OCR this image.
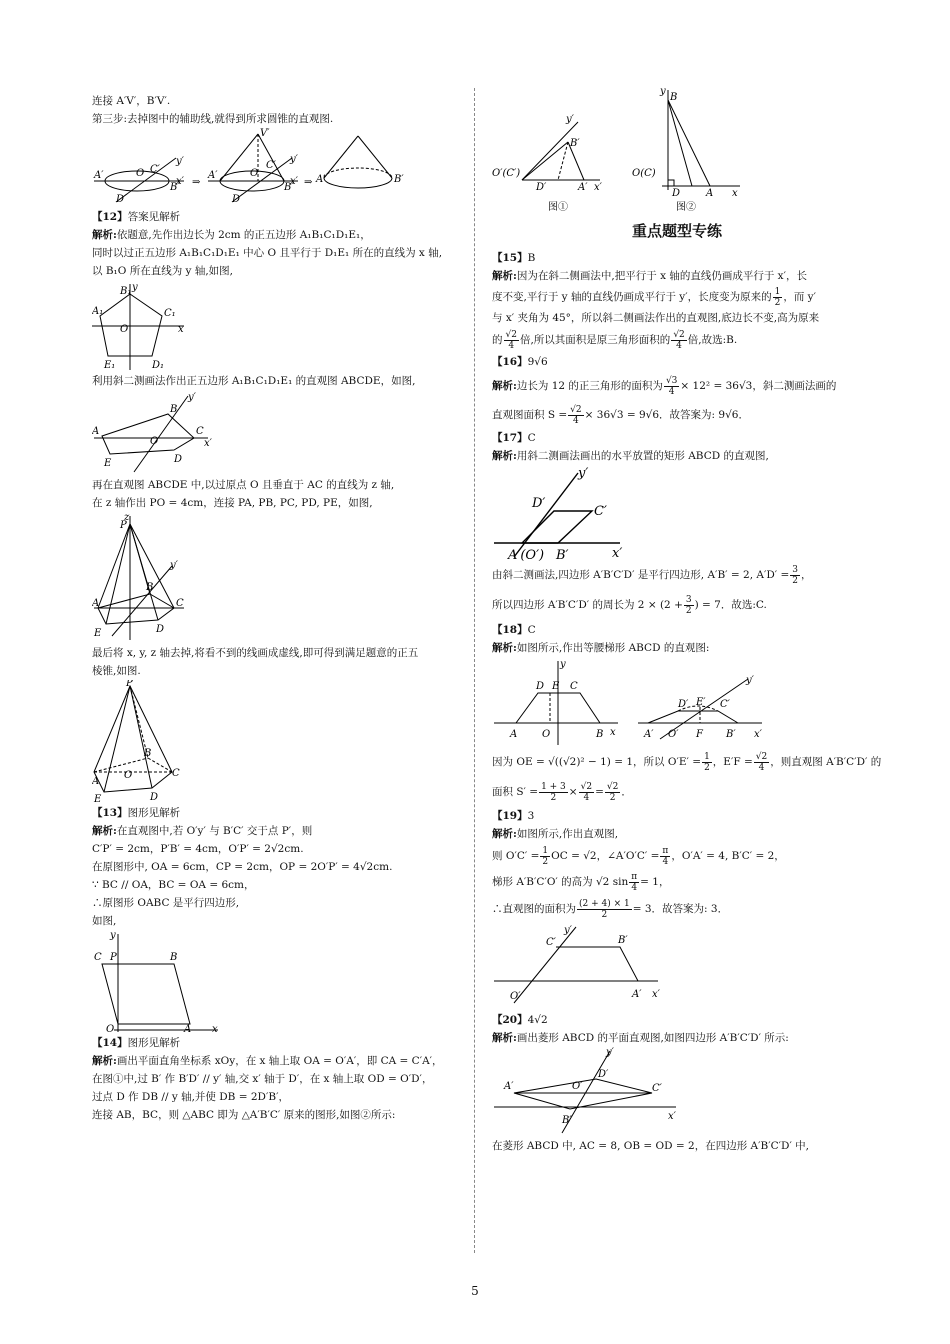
连接 A′V′，B′V′.

第三步:去掉图中的辅助线,就得到所求圆锥的直观图.

A′
D′
O
B′
C′
x′
y′
⇒
V′
A′
D′
O
B′
C′
x′
y′
⇒ A′	B′

【12】答案见解析

解析:依题意,先作出边长为 2cm 的正五边形 A₁B₁C₁D₁E₁，

同时以过正五边形 A₁B₁C₁D₁E₁ 中心 O 且平行于 D₁E₁ 所在的直线为 x 轴,

以 B₁O 所在直线为 y 轴,如图,

y
B₁
A₁	C₁
O	x
E₁	D₁

利用斜二测画法作出正五边形 A₁B₁C₁D₁E₁ 的直观图 ABCDE，如图,

y′
B
A	C
O	x′
E	D

再在直观图 ABCDE 中,以过原点 O 且垂直于 AC 的直线为 z 轴,

在 z 轴作出 PO = 4cm，连接 PA, PB, PC, PD, PE，如图,

z
P
y′
B
A	C
E	D

最后将 x, y, z 轴去掉,将看不到的线画成虚线,即可得到满足题意的正五

棱锥,如图.

P
B
A
C
O
E	D

【13】图形见解析

解析:在直观图中,若 O′y′ 与 B′C′ 交于点 P′，则

C′P′ = 2cm，P′B′ = 4cm，O′P′ = 2√2cm.

在原图形中, OA = 6cm，CP = 2cm，OP = 2O′P′ = 4√2cm.

∵ BC // OA，BC = OA = 6cm，

∴原图形 OABC 是平行四边形,

如图,

y
C P	B
O	A x

【14】图形见解析

解析:画出平面直角坐标系 xOy，在 x 轴上取 OA = O′A′，即 CA = C′A′，

在图①中,过 B′ 作 B′D′ // y′ 轴,交 x′ 轴于 D′，在 x 轴上取 OD = O′D′，

过点 D 作 DB // y 轴,并使 DB = 2D′B′，

连接 AB，BC，则 △ABC 即为 △A′B′C′ 原来的图形,如图②所示:

y′
B′
O′(C′)
D′	A′ x′
图①
y
B
O(C)
D	A x
图②
重点题型专练

【15】B

解析:因为在斜二侧画法中,把平行于 x 轴的直线仍画成平行于 x′，长

度不变,平行于 y 轴的直线仍画成平行于 y′，长度变为原来的 $\frac{1}{2}$ ，而 y′

与 x′ 夹角为 45°，所以斜二侧画法作出的直观图,底边长不变,高为原来

的 $\frac{√2}{4}$ 倍,所以其面积是原三角形面积的 $\frac{√2}{4}$ 倍,故选:B.

【16】9√6

解析:边长为 12 的正三角形的面积为 $\frac{√3}{4} \times 12^2 = 36√3$，斜二测画法画的

直观图面积 $S = \frac{√2}{4} \times 36√3 = 9√6$．故答案为: 9√6．

【17】C

解析:用斜二测画法画出的水平放置的矩形 ABCD 的直观图,

y′
D′
C′
A′(O′) B′	x′

由斜二测画法,四边形 A′B′C′D′ 是平行四边形, A′B′ = 2, $A'D' = \frac{3}{2}$ ，

所以四边形 A′B′C′D′ 的周长为 $2 \times (2 + \frac{3}{2}$ ) = 7．故选:C.

【18】C

解析:如图所示,作出等腰梯形 ABCD 的直观图:

y
D E C
A O	B x
y′
D′ E′ C′
A′ O′ F B′ x′

因为 OE = √((√2)² − 1) = 1，所以 $O'E' = \frac{1}{2}$ ，$E'F = \frac{√2}{4}$ ，则直观图 A′B′C′D′ 的

面积 $S' = \frac{1 + 3}{2} \times \frac{√2}{4} = \frac{√2}{2}$ ．

【19】3

解析:如图所示,作出直观图,

则 $O'C' = \frac{1}{2}$ OC = √2，∠A′O′C′ = $\frac{\pi}{4}$ ，O′A′ = 4, B′C′ = 2，

梯形 A′B′C′O′ 的高为 √2 $\sin \frac{\pi}{4} = 1$，

∴直观图的面积为 $\frac{(2 + 4) \times 1}{2} = 3$．故答案为: 3．

y′
C′	B′
O′	A′ x′

【20】4√2

解析:画出菱形 ABCD 的平面直观图,如图四边形 A′B′C′D′ 所示:

y′
D′
A′	C′
O′
B′	x′

在菱形 ABCD 中, AC = 8, OB = OD = 2，在四边形 A′B′C′D′ 中,

5
